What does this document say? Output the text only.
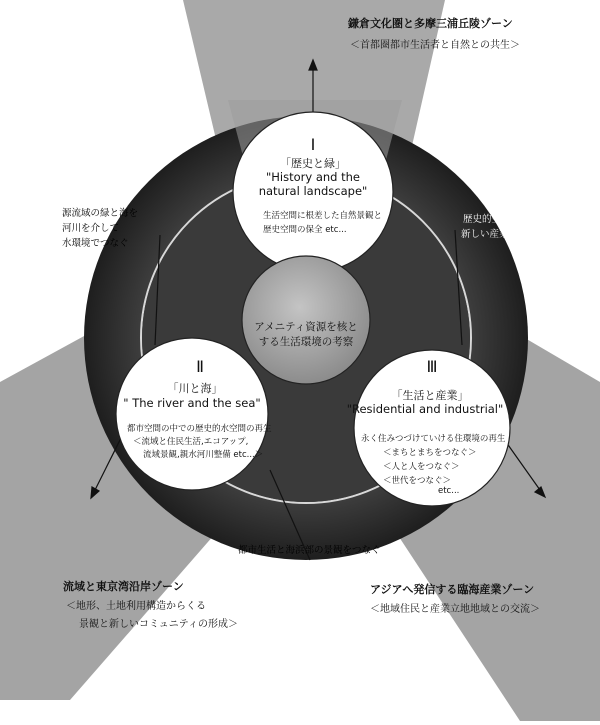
鎌倉文化圏と多摩三浦丘陵ゾーン
＜首都圏都市生活者と自然との共生＞
流域と東京湾沿岸ゾーン
＜地形、土地利用構造からくる
景観と新しいコミュニティの形成＞
アジアへ発信する臨海産業ゾーン
＜地域住民と産業立地地域との交流＞
源流域の緑と海を
河川を介して
水環境でつなぐ
歴史的生活文化圏と
新しい産業地域をつなぐ
都市生活と海浜部の景観をつなぐ
Ⅰ
「歴史と緑」
"History and the
natural landscape"
生活空間に根差した自然景観と
歴史空間の保全 etc...
Ⅱ
「川と海」
" The river and the sea"
都市空間の中での歴史的水空間の再生
＜流域と住民生活,エコアップ,
流域景観,親水河川整備 etc...＞
Ⅲ
「生活と産業」
"Residential and industrial"
永く住みつづけていける住環境の再生
＜まちとまちをつなぐ＞
＜人と人をつなぐ＞
＜世代をつなぐ＞
etc...
アメニティ資源を核と
する生活環境の考察
